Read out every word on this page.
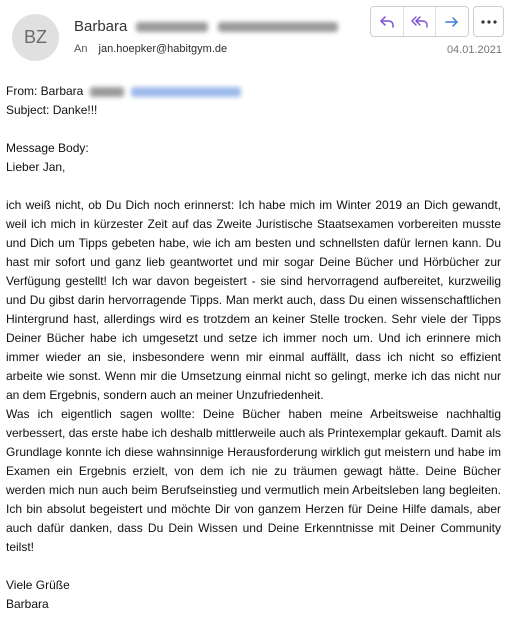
BZ
Barbara
An jan.hoepker@habitgym.de	04.01.2021

From: Barbara

Subject: Danke!!!

Message Body:

Lieber Jan,

ich weiß nicht, ob Du Dich noch erinnerst: Ich habe mich im Winter 2019 an Dich gewandt, weil ich mich in kürzester Zeit auf das Zweite Juristische Staatsexamen vorbereiten musste und Dich um Tipps gebeten habe, wie ich am besten und schnellsten dafür lernen kann. Du hast mir sofort und ganz lieb geantwortet und mir sogar Deine Bücher und Hörbücher zur Verfügung gestellt! Ich war davon begeistert - sie sind hervorragend aufbereitet, kurzweilig und Du gibst darin hervorragende Tipps. Man merkt auch, dass Du einen wissenschaftlichen Hintergrund hast, allerdings wird es trotzdem an keiner Stelle trocken. Sehr viele der Tipps Deiner Bücher habe ich umgesetzt und setze ich immer noch um. Und ich erinnere mich immer wieder an sie, insbesondere wenn mir einmal auffällt, dass ich nicht so effizient arbeite wie sonst. Wenn mir die Umsetzung einmal nicht so gelingt, merke ich das nicht nur an dem Ergebnis, sondern auch an meiner Unzufriedenheit.

Was ich eigentlich sagen wollte: Deine Bücher haben meine Arbeitsweise nachhaltig verbessert, das erste habe ich deshalb mittlerweile auch als Printexemplar gekauft. Damit als Grundlage konnte ich diese wahnsinnige Herausforderung wirklich gut meistern und habe im Examen ein Ergebnis erzielt, von dem ich nie zu träumen gewagt hätte. Deine Bücher werden mich nun auch beim Berufseinstieg und vermutlich mein Arbeitsleben lang begleiten. Ich bin absolut begeistert und möchte Dir von ganzem Herzen für Deine Hilfe damals, aber auch dafür danken, dass Du Dein Wissen und Deine Erkenntnisse mit Deiner Community teilst!

Viele Grüße

Barbara
